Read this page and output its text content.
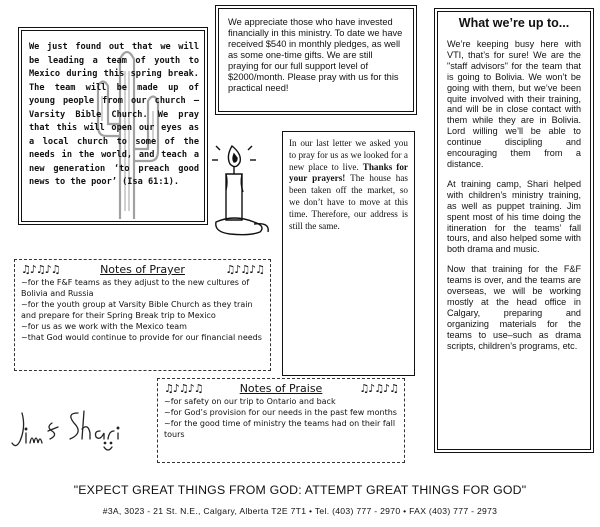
We just found out that we will be leading a team of youth to Mexico during this spring break. The team will be made up of young people from our church – Varsity Bible Church. We pray that this will open our eyes as a local church to some of the needs in the world, and teach a new generation ‘to preach good news to the poor’ (Isa 61:1).

We appreciate those who have invested financially in this ministry. To date we have received $540 in monthly pledges, as well as some one-time gifts. We are still praying for our full support level of $2000/month. Please pray with us for this practical need!

In our last letter we asked you to pray for us as we looked for a new place to live. Thanks for your prayers! The house has been taken off the market, so we don’t have to move at this time. Therefore, our address is still the same.

What we’re up to...

We’re keeping busy here with VTI, that’s for sure! We are the "staff advisors" for the team that is going to Bolivia. We won’t be going with them, but we’ve been quite involved with their training, and will be in close contact with them while they are in Bolivia. Lord willing we’ll be able to continue discipling and encouraging them from a distance.

At training camp, Shari helped with children’s ministry training, as well as puppet training. Jim spent most of his time doing the itineration for the teams’ fall tours, and also helped some with both drama and music.

Now that training for the F&F teams is over, and the teams are overseas, we will be working mostly at the head office in Calgary, preparing and organizing materials for the teams to use–such as drama scripts, children’s programs, etc.

♫♪♫♪♫	Notes of Prayer	♫♪♫♪♫
~for the F&F teams as they adjust to the new cultures of Bolivia and Russia
~for the youth group at Varsity Bible Church as they train and prepare for their Spring Break trip to Mexico
~for us as we work with the Mexico team
~that God would continue to provide for our financial needs
♫♪♫♪♫	Notes of Praise	♫♪♫♪♫
~for safety on our trip to Ontario and back
~for God’s provision for our needs in the past few months
~for the good time of ministry the teams had on their fall tours
"EXPECT GREAT THINGS FROM GOD: ATTEMPT GREAT THINGS FOR GOD"
#3A, 3023 - 21 St. N.E., Calgary, Alberta T2E 7T1 • Tel. (403) 777 - 2970 • FAX (403) 777 - 2973
